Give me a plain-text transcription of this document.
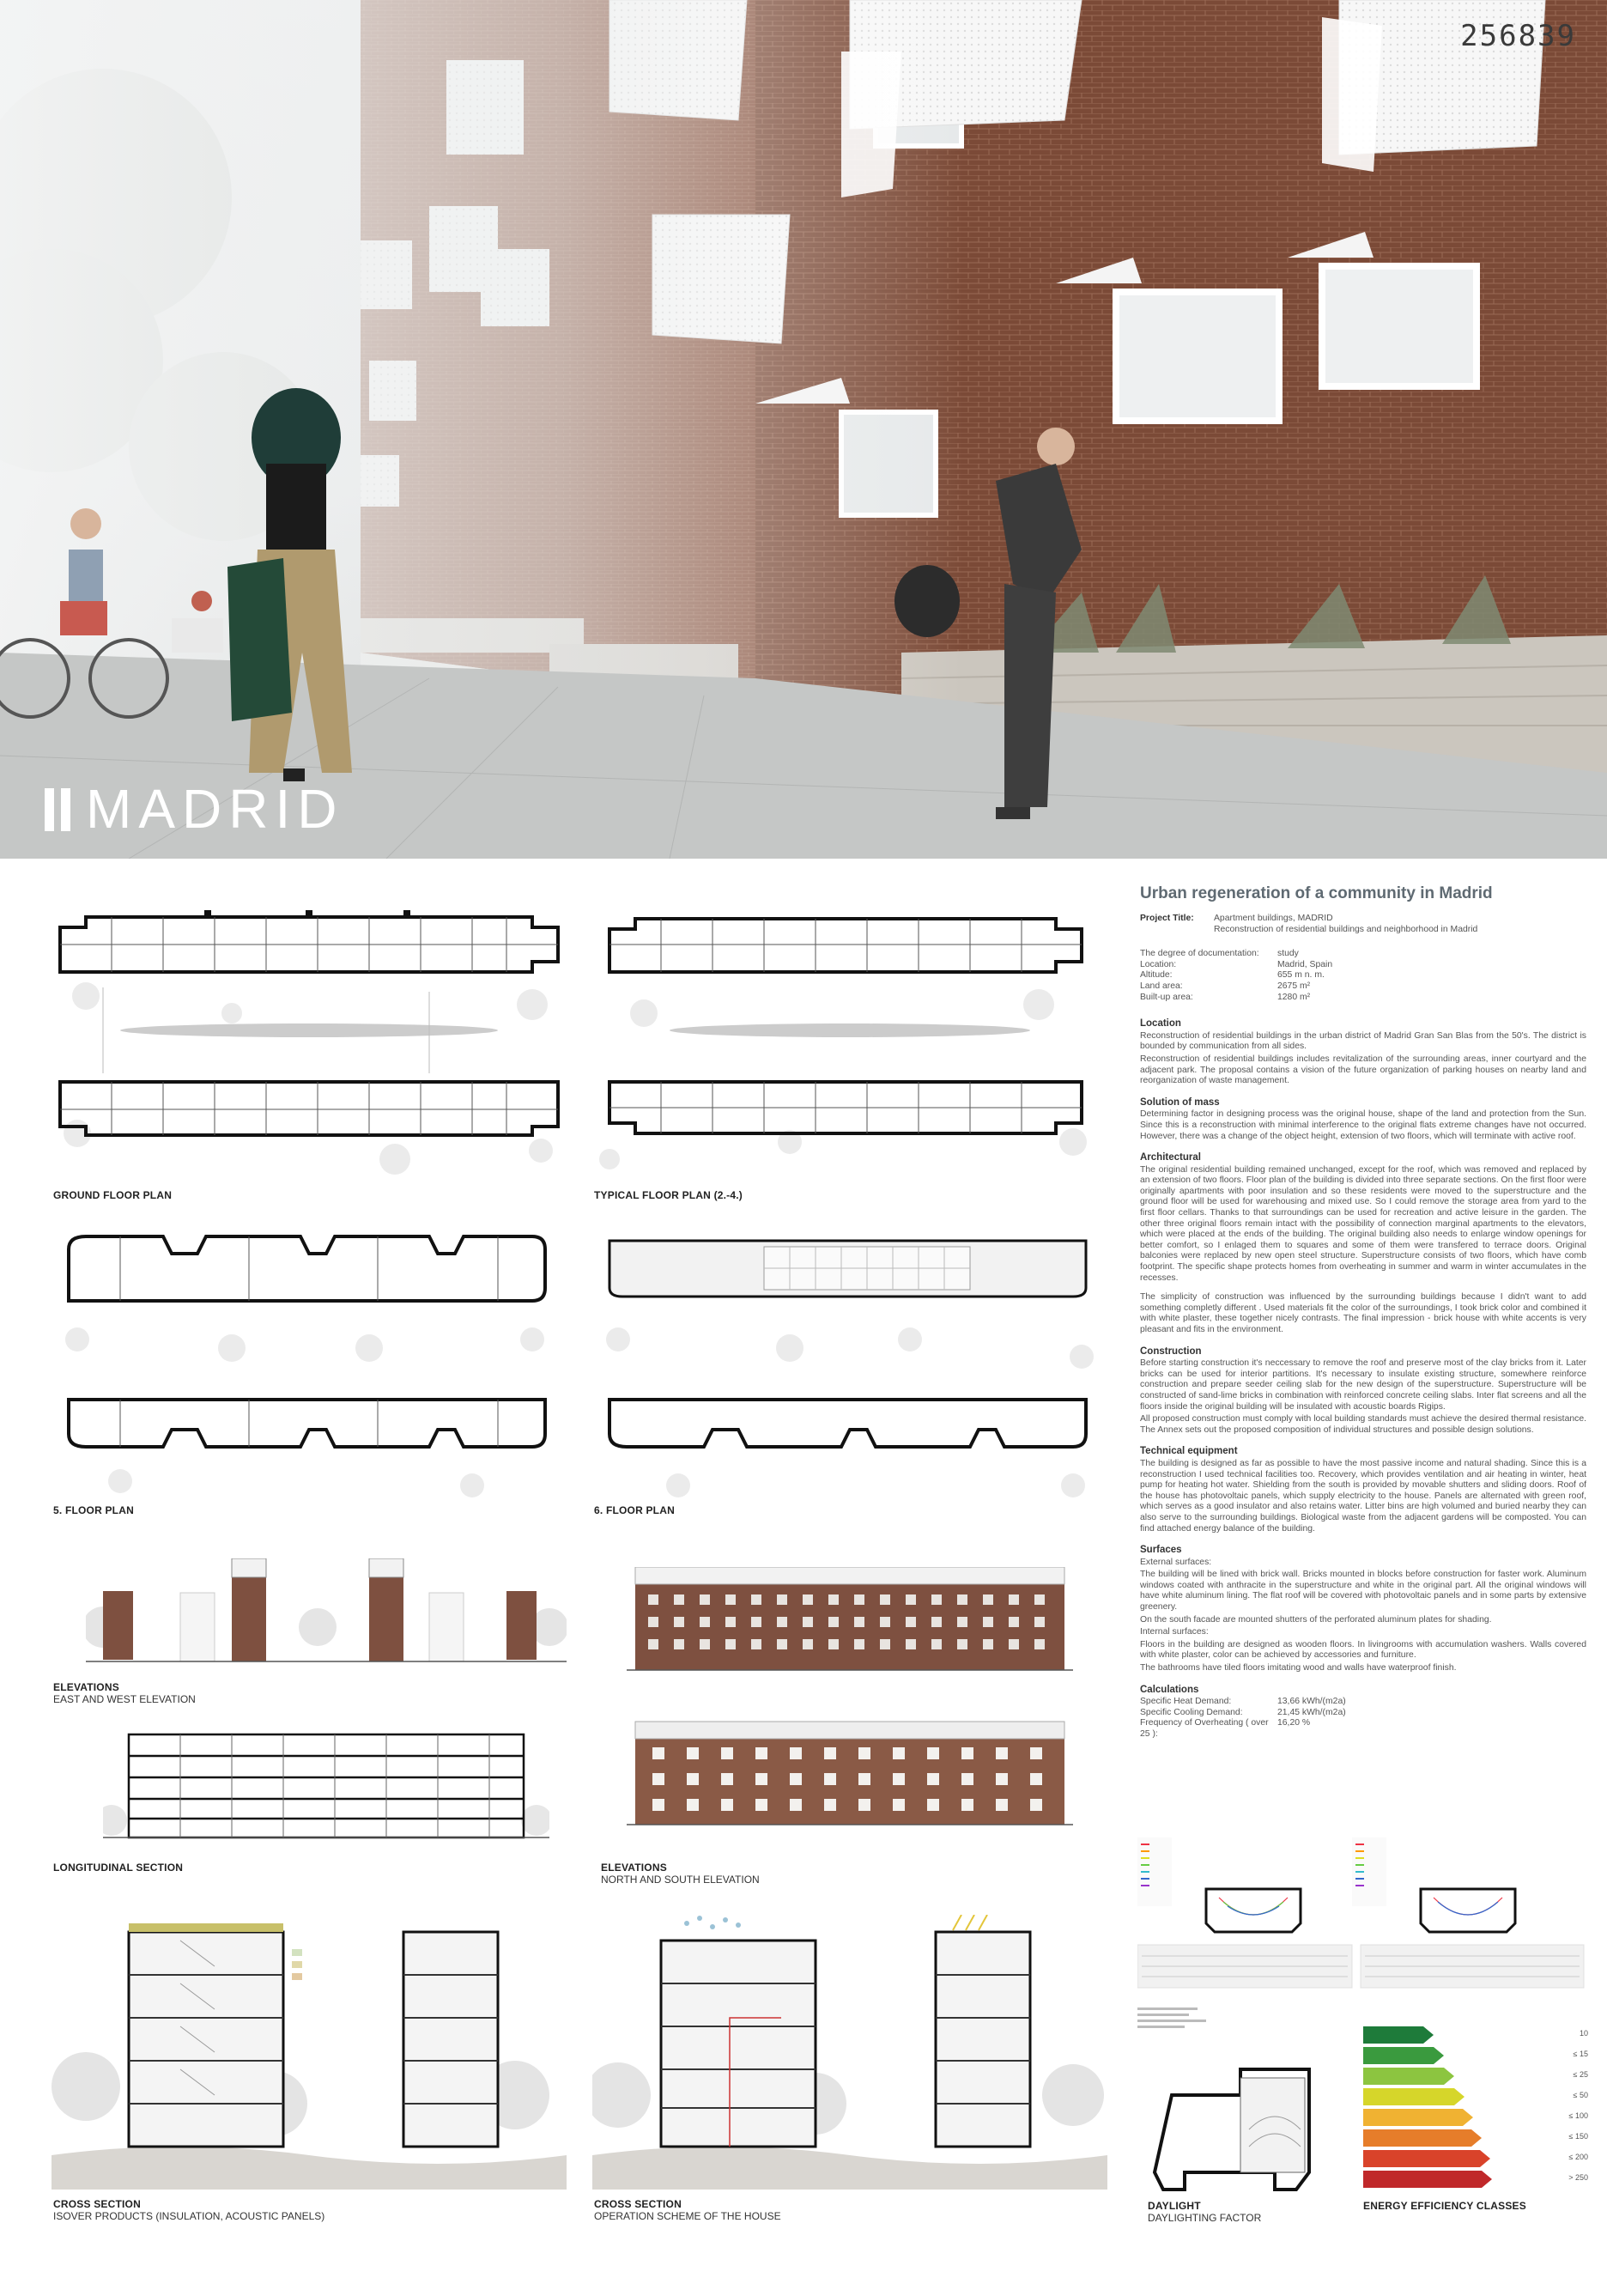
256839
MADRID
GROUND FLOOR PLAN	TYPICAL FLOOR PLAN (2.-4.)
5. FLOOR PLAN	6. FLOOR PLAN
ELEVATIONS
EAST AND WEST ELEVATION
LONGITUDINAL SECTION	ELEVATIONS
NORTH AND SOUTH ELEVATION
CROSS SECTION
ISOVER PRODUCTS (INSULATION, ACOUSTIC PANELS)
CROSS SECTION
OPERATION SCHEME OF THE HOUSE
DAYLIGHT
DAYLIGHTING FACTOR
10
≤ 15
≤ 25
≤ 50
≤ 100
≤ 150
≤ 200
> 250
ENERGY EFFICIENCY CLASSES
Urban regeneration of a community in Madrid
Project Title:	Apartment buildings, MADRID
Reconstruction of residential buildings and neighborhood in Madrid
The degree of documentation:	study
Location:	Madrid, Spain
Altitude:	655 m n. m.
Land area:	2675 m²
Built-up area:	1280 m²
Location

Reconstruction of residential buildings in the urban district of Madrid Gran San Blas from the 50's. The district is bounded by communication from all sides.

Reconstruction of residential buildings includes revitalization of the surrounding areas, inner courtyard and the adjacent park. The proposal contains a vision of the future organization of parking houses on nearby land and reorganization of waste management.

Solution of mass

Determining factor in designing process was the original house, shape of the land and protection from the Sun. Since this is a reconstruction with minimal interference to the original flats extreme changes have not occurred. However, there was a change of the object height, extension of two floors, which will terminate with active roof.

Architectural

The original residential building remained unchanged, except for the roof, which was removed and replaced by an extension of two floors. Floor plan of the building is divided into three separate sections. On the first floor were originally apartments with poor insulation and so these residents were moved to the superstructure and the ground floor will be used for warehousing and mixed use. So I could remove the storage area from yard to the first floor cellars. Thanks to that surroundings can be used for recreation and active leisure in the garden. The other three original floors remain intact with the possibility of connection marginal apartments to the elevators, which were placed at the ends of the building. The original building also needs to enlarge window openings for better comfort, so I enlaged them to squares and some of them were transfered to terrace doors. Original balconies were replaced by new open steel structure. Superstructure consists of two floors, which have comb footprint. The specific shape protects homes from overheating in summer and warm in winter accumulates in the recesses.

The simplicity of construction was influenced by the surrounding buildings because I didn't want to add something completly different . Used materials fit the color of the surroundings, I took brick color and combined it with white plaster, these together nicely contrasts. The final impression - brick house with white accents is very pleasant and fits in the environment.

Construction

Before starting construction it's neccessary to remove the roof and preserve most of the clay bricks from it. Later bricks can be used for interior partitions. It's necessary to insulate existing structure, somewhere reinforce construction and prepare seeder ceiling slab for the new design of the superstructure. Superstructure will be constructed of sand-lime bricks in combination with reinforced concrete ceiling slabs. Inter flat screens and all the floors inside the original building will be insulated with acoustic boards Rigips.

All proposed construction must comply with local building standards must achieve the desired thermal resistance. The Annex sets out the proposed composition of individual structures and possible design solutions.

Technical equipment

The building is designed as far as possible to have the most passive income and natural shading. Since this is a reconstruction I used technical facilities too. Recovery, which provides ventilation and air heating in winter, heat pump for heating hot water. Shielding from the south is provided by movable shutters and sliding doors. Roof of the house has photovoltaic panels, which supply electricity to the house. Panels are alternated with green roof, which serves as a good insulator and also retains water. Litter bins are high volumed and buried nearby they can also serve to the surrounding buildings. Biological waste from the adjacent gardens will be composted. You can find attached energy balance of the building.

Surfaces

External surfaces:

The building will be lined with brick wall. Bricks mounted in blocks before construction for faster work. Aluminum windows coated with anthracite in the superstructure and white in the original part. All the original windows will have white aluminum lining. The flat roof will be covered with photovoltaic panels and in some parts by extensive greenery.

On the south facade are mounted shutters of the perforated aluminum plates for shading.

Internal surfaces:

Floors in the building are designed as wooden floors. In livingrooms with accumulation washers. Walls covered with white plaster, color can be achieved by accessories and furniture.

The bathrooms have tiled floors imitating wood and walls have waterproof finish.

Calculations
Specific Heat Demand:	13,66 kWh/(m2a)
Specific Cooling Demand:	21,45 kWh/(m2a)
Frequency of Overheating ( over 25 ):
16,20 %
